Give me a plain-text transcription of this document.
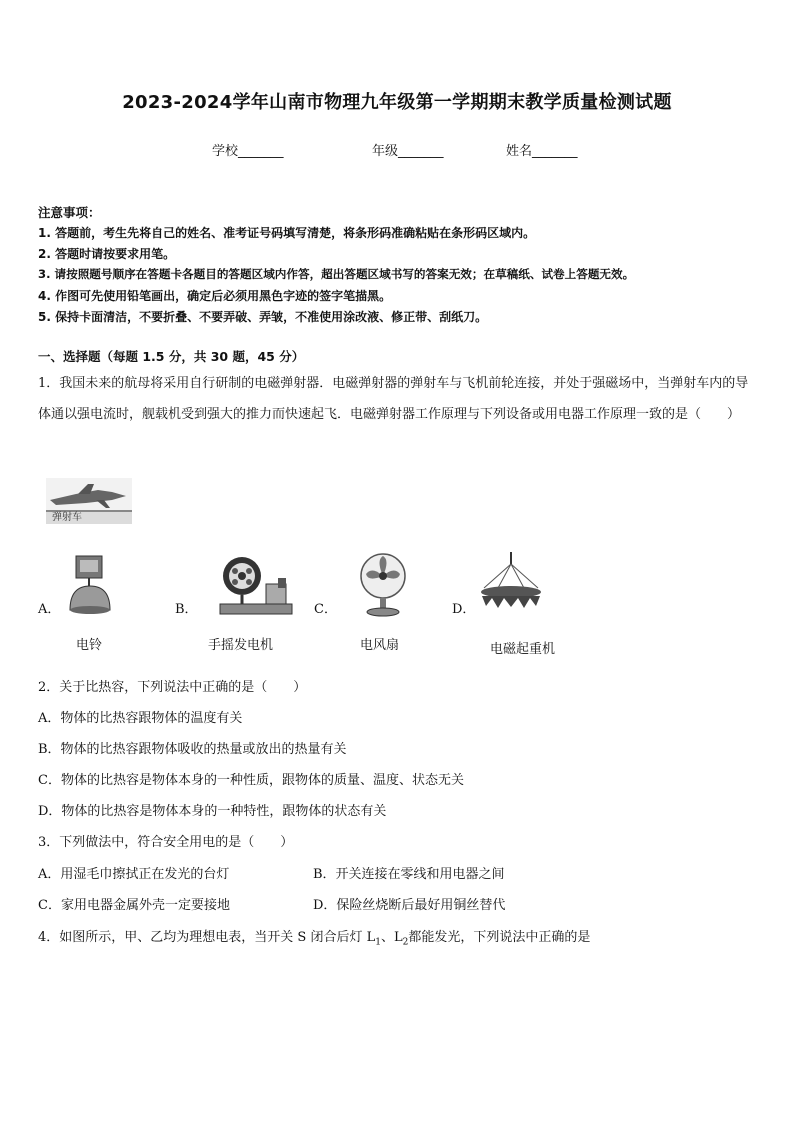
2023-2024学年山南市物理九年级第一学期期末教学质量检测试题
学校_______	年级_______	姓名_______
注意事项：
1. 答题前，考生先将自己的姓名、准考证号码填写清楚，将条形码准确粘贴在条形码区域内。
2. 答题时请按要求用笔。
3. 请按照题号顺序在答题卡各题目的答题区域内作答，超出答题区域书写的答案无效；在草稿纸、试卷上答题无效。
4. 作图可先使用铅笔画出，确定后必须用黑色字迹的签字笔描黑。
5. 保持卡面清洁，不要折叠、不要弄破、弄皱，不准使用涂改液、修正带、刮纸刀。
一、选择题（每题 1.5 分，共 30 题，45 分）
1．我国未来的航母将采用自行研制的电磁弹射器．电磁弹射器的弹射车与飞机前轮连接，并处于强磁场中，当弹射车内的导体通以强电流时，舰载机受到强大的推力而快速起飞．电磁弹射器工作原理与下列设备或用电器工作原理一致的是（　　）
弹射车
A．
电铃
B．
手摇发电机
C．
电风扇
D．
电磁起重机
2．关于比热容，下列说法中正确的是（　　）
A．物体的比热容跟物体的温度有关
B．物体的比热容跟物体吸收的热量或放出的热量有关
C．物体的比热容是物体本身的一种性质，跟物体的质量、温度、状态无关
D．物体的比热容是物体本身的一种特性，跟物体的状态有关
3．下列做法中，符合安全用电的是（　　）
A．用湿毛巾擦拭正在发光的台灯	B．开关连接在零线和用电器之间
C．家用电器金属外壳一定要接地	D．保险丝烧断后最好用铜丝替代
4．如图所示，甲、乙均为理想电表，当开关 S 闭合后灯 $L_1$、$L_2$都能发光，下列说法中正确的是
